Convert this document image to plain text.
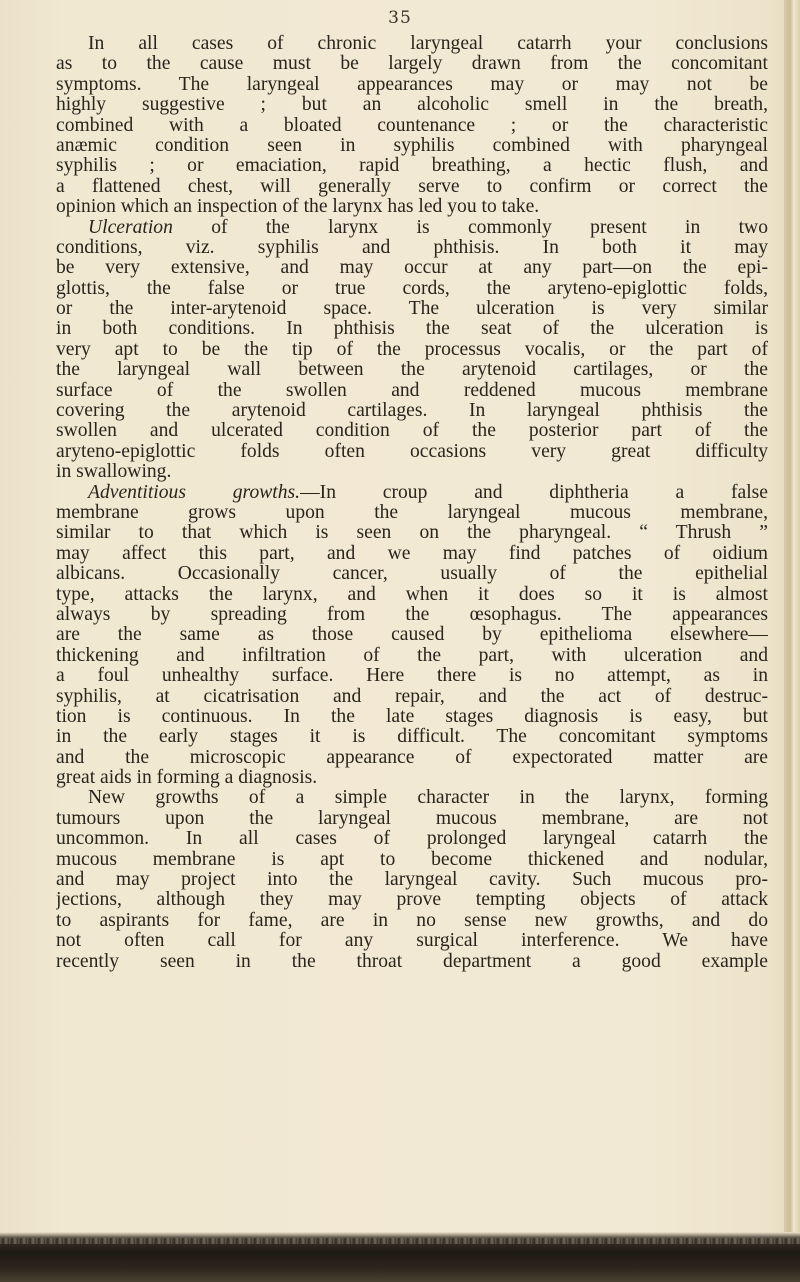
35
In all cases of chronic laryngeal catarrh your conclusions
as to the cause must be largely drawn from the concomitant
symptoms. The laryngeal appearances may or may not be
highly suggestive ; but an alcoholic smell in the breath,
combined with a bloated countenance ; or the characteristic
anæmic condition seen in syphilis combined with pharyngeal
syphilis ; or emaciation, rapid breathing, a hectic flush, and
a flattened chest, will generally serve to confirm or correct the
opinion which an inspection of the larynx has led you to take.
Ulceration of the larynx is commonly present in two
conditions, viz. syphilis and phthisis. In both it may
be very extensive, and may occur at any part—on the epi-
glottis, the false or true cords, the aryteno-epiglottic folds,
or the inter-arytenoid space. The ulceration is very similar
in both conditions. In phthisis the seat of the ulceration is
very apt to be the tip of the processus vocalis, or the part of
the laryngeal wall between the arytenoid cartilages, or the
surface of the swollen and reddened mucous membrane
covering the arytenoid cartilages. In laryngeal phthisis the
swollen and ulcerated condition of the posterior part of the
aryteno-epiglottic folds often occasions very great difficulty
in swallowing.
Adventitious growths.—In croup and diphtheria a false
membrane grows upon the laryngeal mucous membrane,
similar to that which is seen on the pharyngeal. “ Thrush ”
may affect this part, and we may find patches of oidium
albicans. Occasionally cancer, usually of the epithelial
type, attacks the larynx, and when it does so it is almost
always by spreading from the œsophagus. The appearances
are the same as those caused by epithelioma elsewhere—
thickening and infiltration of the part, with ulceration and
a foul unhealthy surface. Here there is no attempt, as in
syphilis, at cicatrisation and repair, and the act of destruc-
tion is continuous. In the late stages diagnosis is easy, but
in the early stages it is difficult. The concomitant symptoms
and the microscopic appearance of expectorated matter are
great aids in forming a diagnosis.
New growths of a simple character in the larynx, forming
tumours upon the laryngeal mucous membrane, are not
uncommon. In all cases of prolonged laryngeal catarrh the
mucous membrane is apt to become thickened and nodular,
and may project into the laryngeal cavity. Such mucous pro-
jections, although they may prove tempting objects of attack
to aspirants for fame, are in no sense new growths, and do
not often call for any surgical interference. We have
recently seen in the throat department a good example
